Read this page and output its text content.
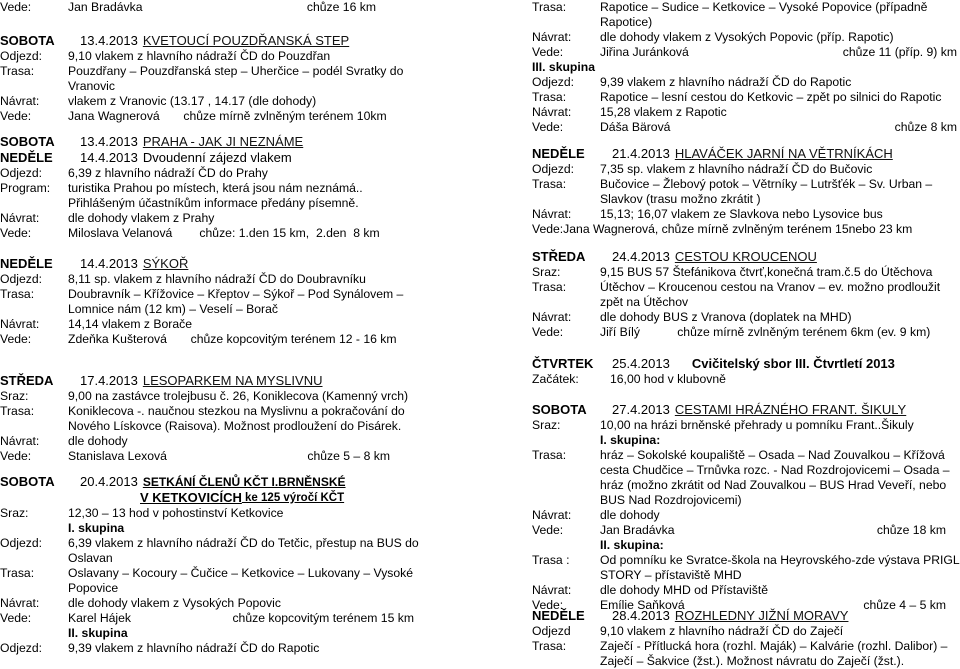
Vede:	Jan Bradávka	chůze 16 km
SOBOTA	13.4.2013 KVETOUCÍ POUZDŘANSKÁ STEP
Odjezd:	9,10 vlakem z hlavního nádraží ČD do Pouzdřan
Trasa:	Pouzdřany – Pouzdřanská step – Uherčice – podél Svratky do Vranovic
Návrat:	vlakem z Vranovic (13.17 , 14.17 (dle dohody)
Vede:	Jana Wagnerová       chůze mírně zvlněným terénem 10km
SOBOTA	13.4.2013 PRAHA - JAK JI NEZNÁME
NEDĚLE	14.4.2013 Dvoudenní zájezd vlakem
Odjezd:	6,39 z hlavního nádraží ČD do Prahy
Program:	turistika Prahou po místech, která jsou nám neznámá..
Přihlášeným účastníkům informace předány písemně.
Návrat:	dle dohody vlakem z Prahy
Vede:	Miloslava Velanová        chůze: 1.den 15 km,  2.den  8 km
NEDĚLE	14.4.2013 SÝKOŘ
Odjezd:	8,11 sp. vlakem z hlavního nádraží ČD do Doubravníku
Trasa:	Doubravník – Křížovice – Křeptov – Sýkoř – Pod Synálovem – Lomnice nám (12 km) – Veselí – Borač
Návrat:	14,14 vlakem z Borače
Vede:	Zdeňka Kušterová       chůze kopcovitým terénem 12 - 16 km
STŘEDA	17.4.2013 LESOPARKEM NA MYSLIVNU
Sraz:	9,00 na zastávce trolejbusu č. 26, Koniklecova (Kamenný vrch)
Trasa:	Koniklecova -. naučnou stezkou na Myslivnu a pokračování do Nového Lískovce (Raisova). Možnost prodloužení do Pisárek.
Návrat:	dle dohody
Vede:	Stanislava Lexová	chůze 5 – 8 km
SOBOTA	20.4.2013 SETKÁNÍ ČLENŮ KČT I.BRNĚNSKÉ
V KETKOVICÍCH ke 125 výročí KČT
Sraz:	12,30 – 13 hod v pohostinství Ketkovice
I. skupina
Odjezd:	6,39 vlakem z hlavního nádraží ČD do Tetčic, přestup na BUS do Oslavan
Trasa:	Oslavany – Kocoury – Čučice – Ketkovice – Lukovany – Vysoké Popovice
Návrat:	dle dohody vlakem z Vysokých Popovic
Vede:	Karel Hájek	chůze kopcovitým terénem 15 km
II. skupina
Odjezd:	9,39 vlakem z hlavního nádraží ČD do Rapotic
Trasa:	Rapotice – Sudice – Ketkovice – Vysoké Popovice (případně Rapotice)
Návrat:	dle dohody vlakem z Vysokých Popovic (příp. Rapotic)
Vede:	Jiřina Juránková	chůze 11 (příp. 9) km
III. skupina
Odjezd:	9,39 vlakem z hlavního nádraží ČD do Rapotic
Trasa:	Rapotice – lesní cestou do Ketkovic – zpět po silnici do Rapotic
Návrat:	15,28 vlakem z Rapotic
Vede:	Dáša Bärová	chůze 8 km
NEDĚLE	21.4.2013 HLAVÁČEK JARNÍ NA VĚTRNÍKÁCH
Odjezd:	7,35 sp. vlakem z hlavního nádraží ČD do Bučovic
Trasa:	Bučovice – Žlebový potok – Větrníky – Lutršťék – Sv. Urban – Slavkov (trasu možno zkrátit )
Návrat:	15,13; 16,07 vlakem ze Slavkova nebo Lysovice bus
Vede:Jana Wagnerová, chůze mírně zvlněným terénem 15nebo 23 km
STŘEDA	24.4.2013 CESTOU KROUCENOU
Sraz:	9,15 BUS 57 Štefánikova čtvrť,konečná tram.č.5 do Útěchova
Trasa:	Útěchov – Kroucenou cestou na Vranov – ev. možno prodloužit zpět na Útěchov
Návrat:	dle dohody BUS z Vranova (doplatek na MHD)
Vede:	Jiří Bílý           chůze mírně zvlněným terénem 6km (ev. 9 km)
ČTVRTEK	25.4.2013 Cvičitelský sbor III. Čtvrtletí 2013
Začátek:	16,00 hod v klubovně
SOBOTA	27.4.2013 CESTAMI HRÁZNÉHO FRANT. ŠIKULY
Sraz:	10,00 na hrázi brněnské přehrady u pomníku Frant..Šikuly
I. skupina:
Trasa:	hráz – Sokolské koupaliště – Osada – Nad Zouvalkou – Křížová cesta Chudčice – Trnůvka rozc. - Nad Rozdrojovicemi – Osada – hráz (možno zkrátit od Nad Zouvalkou – BUS Hrad Veveří, nebo BUS Nad Rozdrojovicemi)
Návrat:	dle dohody
Vede:	Jan Bradávka	chůze 18 km
II. skupina:
Trasa :	Od pomníku ke Svratce-škola na Heyrovského-zde výstava PRIGL STORY – přístaviště MHD
Návrat:	dle dohody MHD od Přístaviště
Vede:	Emílie Saňková	chůze 4 – 5 km
NEDĚLE	28.4.2013 ROZHLEDNY JIŽNÍ MORAVY
Odjezd	9,10 vlakem z hlavního nádraží ČD do Zaječí
Trasa:	Zaječí - Přítlucká hora (rozhl. Maják) – Kalvárie (rozhl. Dalibor) – Zaječí – Šakvice (žst.). Možnost návratu do Zaječí (žst.).
